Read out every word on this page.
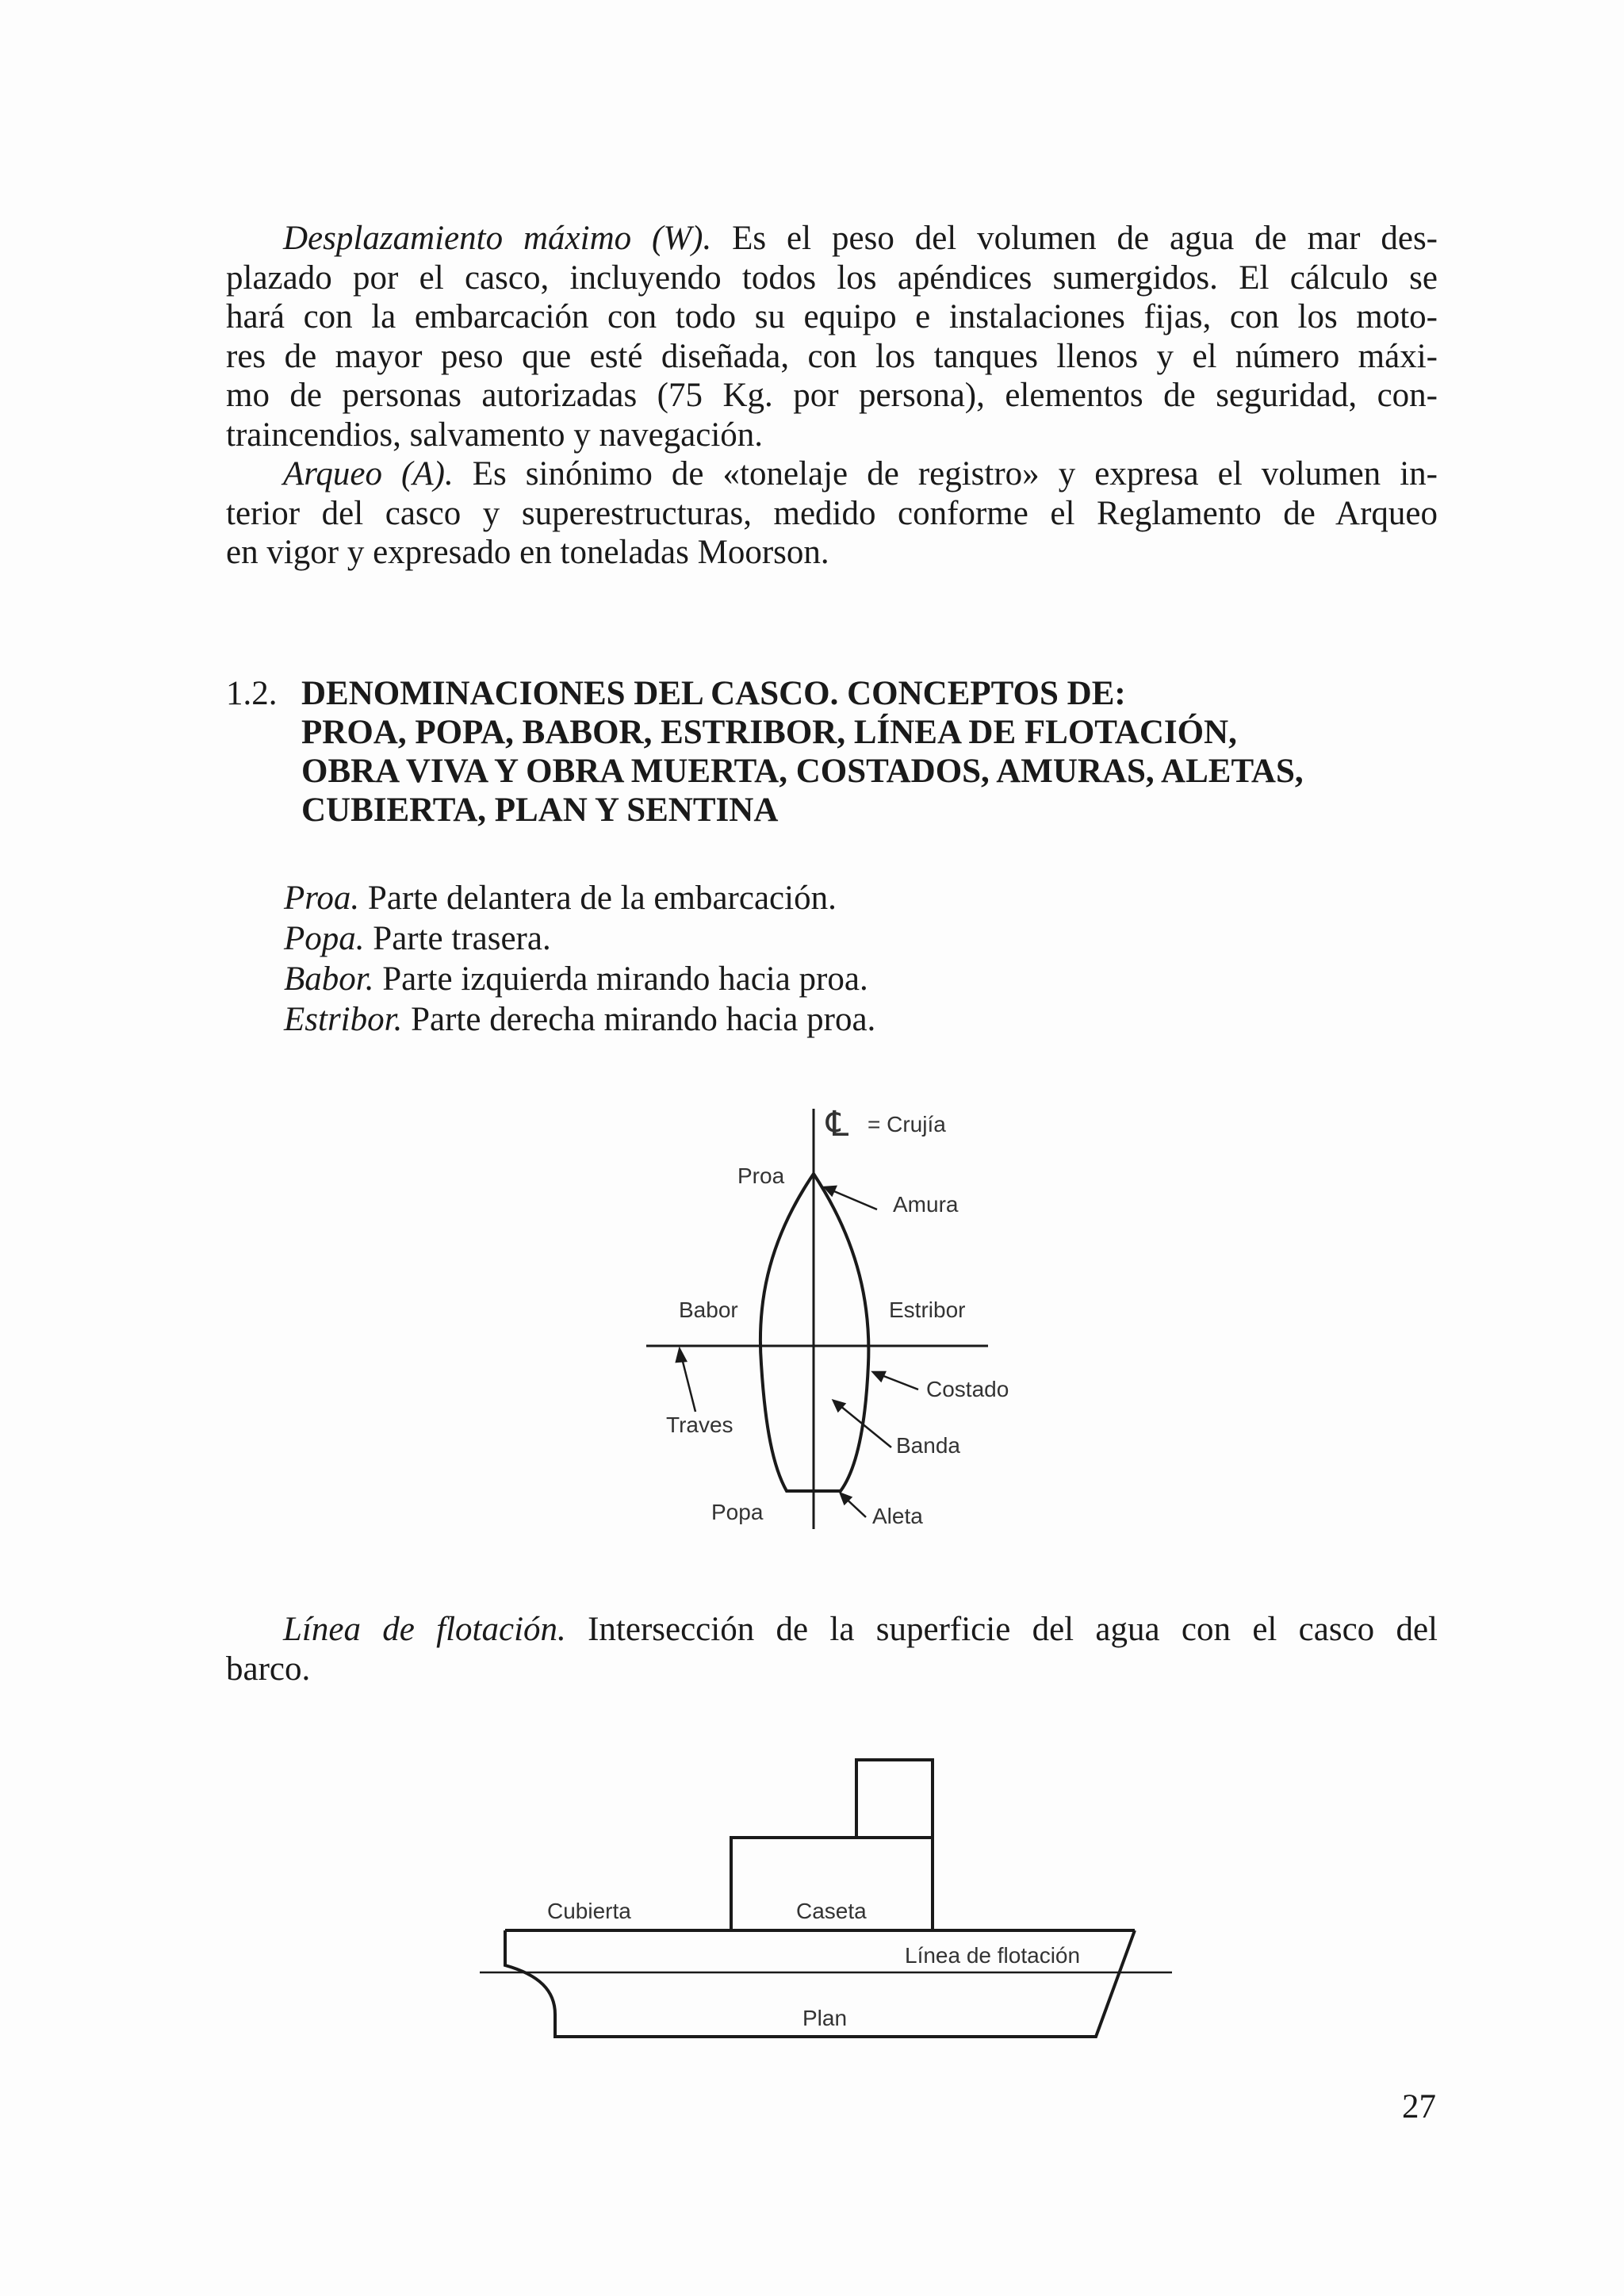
Desplazamiento máximo (W). Es el peso del volumen de agua de mar des-
plazado por el casco, incluyendo todos los apéndices sumergidos. El cálculo se
hará con la embarcación con todo su equipo e instalaciones fijas, con los moto-
res de mayor peso que esté diseñada, con los tanques llenos y el número máxi-
mo de personas autorizadas (75 Kg. por persona), elementos de seguridad, con-
traincendios, salvamento y navegación.
Arqueo (A). Es sinónimo de «tonelaje de registro» y expresa el volumen in-
terior del casco y superestructuras, medido conforme el Reglamento de Arqueo
en vigor y expresado en toneladas Moorson.
1.2. DENOMINACIONES DEL CASCO. CONCEPTOS DE:
PROA, POPA, BABOR, ESTRIBOR, LÍNEA DE FLOTACIÓN,
OBRA VIVA Y OBRA MUERTA, COSTADOS, AMURAS, ALETAS,
CUBIERTA, PLAN Y SENTINA
Proa. Parte delantera de la embarcación.
Popa. Parte trasera.
Babor. Parte izquierda mirando hacia proa.
Estribor. Parte derecha mirando hacia proa.
℄ = Crujía
Proa
Amura
Babor	Estribor
Costado
Traves
Banda
Popa	Aleta
Cubierta	Caseta
Línea de flotación
Plan
Línea de flotación. Intersección de la superficie del agua con el casco del
barco.
27
